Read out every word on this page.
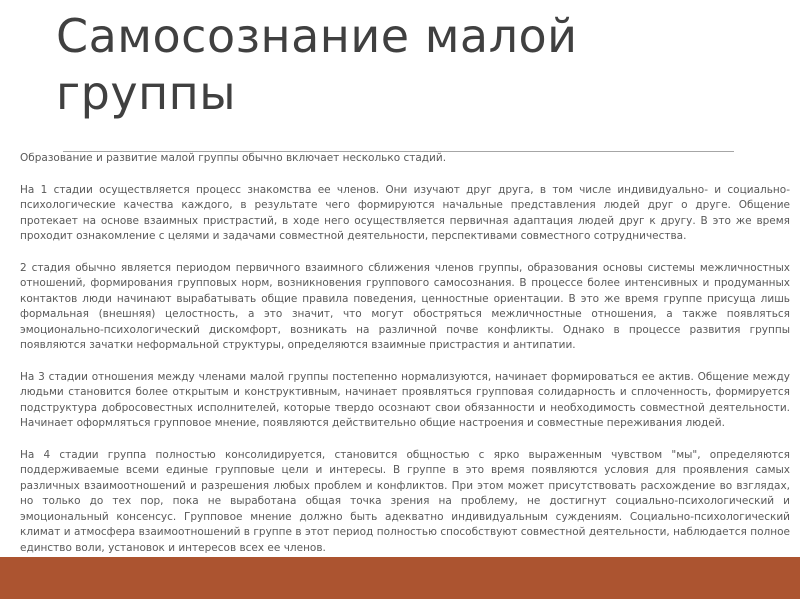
Самосознание малой группы

Образование и развитие малой группы обычно включает несколько стадий.

На 1 стадии осуществляется процесс знакомства ее членов. Они изучают друг друга, в том числе индивидуально- и социально-психологические качества каждого, в результате чего формируются начальные представления людей друг о друге. Общение протекает на основе взаимных пристрастий, в ходе него осуществляется первичная адаптация людей друг к другу. В это же время проходит ознакомление с целями и задачами совместной деятельности, перспективами совместного сотрудничества.

2 стадия обычно является периодом первичного взаимного сближения членов группы, образования основы системы межличностных отношений, формирования групповых норм, возникновения группового самосознания. В процессе более интенсивных и продуманных контактов люди начинают вырабатывать общие правила поведения, ценностные ориентации. В это же время группе присуща лишь формальная (внешняя) целостность, а это значит, что могут обостряться межличностные отношения, а также появляться эмоционально-психологический дискомфорт, возникать на различной почве конфликты. Однако в процессе развития группы появляются зачатки неформальной структуры, определяются взаимные пристрастия и антипатии.

На 3 стадии отношения между членами малой группы постепенно нормализуются, начинает формироваться ее актив. Общение между людьми становится более открытым и конструктивным, начинает проявляться групповая солидарность и сплоченность, формируется подструктура добросовестных исполнителей, которые твердо осознают свои обязанности и необходимость совместной деятельности. Начинает оформляться групповое мнение, появляются действительно общие настроения и совместные переживания людей.

На 4 стадии группа полностью консолидируется, становится общностью с ярко выраженным чувством "мы", определяются поддерживаемые всеми единые групповые цели и интересы. В группе в это время появляются условия для проявления самых различных взаимоотношений и разрешения любых проблем и конфликтов. При этом может присутствовать расхождение во взглядах, но только до тех пор, пока не выработана общая точка зрения на проблему, не достигнут социально-психологический и эмоциональный консенсус. Групповое мнение должно быть адекватно индивидуальным суждениям. Социально-психологический климат и атмосфера взаимоотношений в группе в этот период полностью способствуют совместной деятельности, наблюдается полное единство воли, установок и интересов всех ее членов.
